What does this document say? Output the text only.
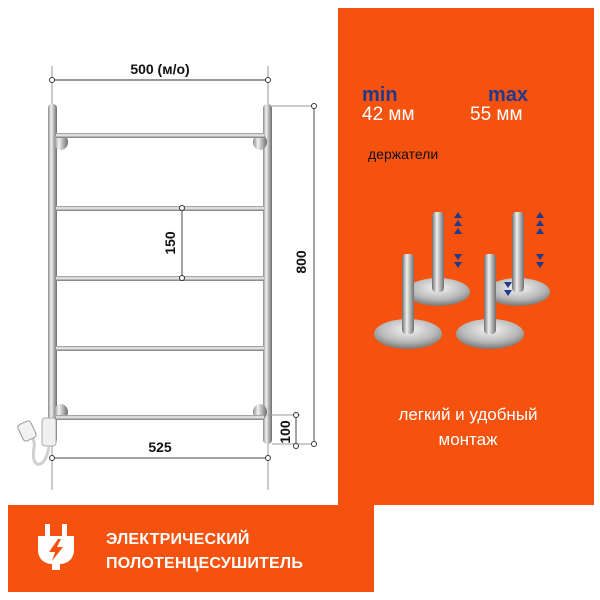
500 (м/о)
150
800
100
525
min
42 мм
max
55 мм
держатели
легкий и удобный
монтаж
ЭЛЕКТРИЧЕСКИЙ
ПОЛОТЕНЦЕСУШИТЕЛЬ
